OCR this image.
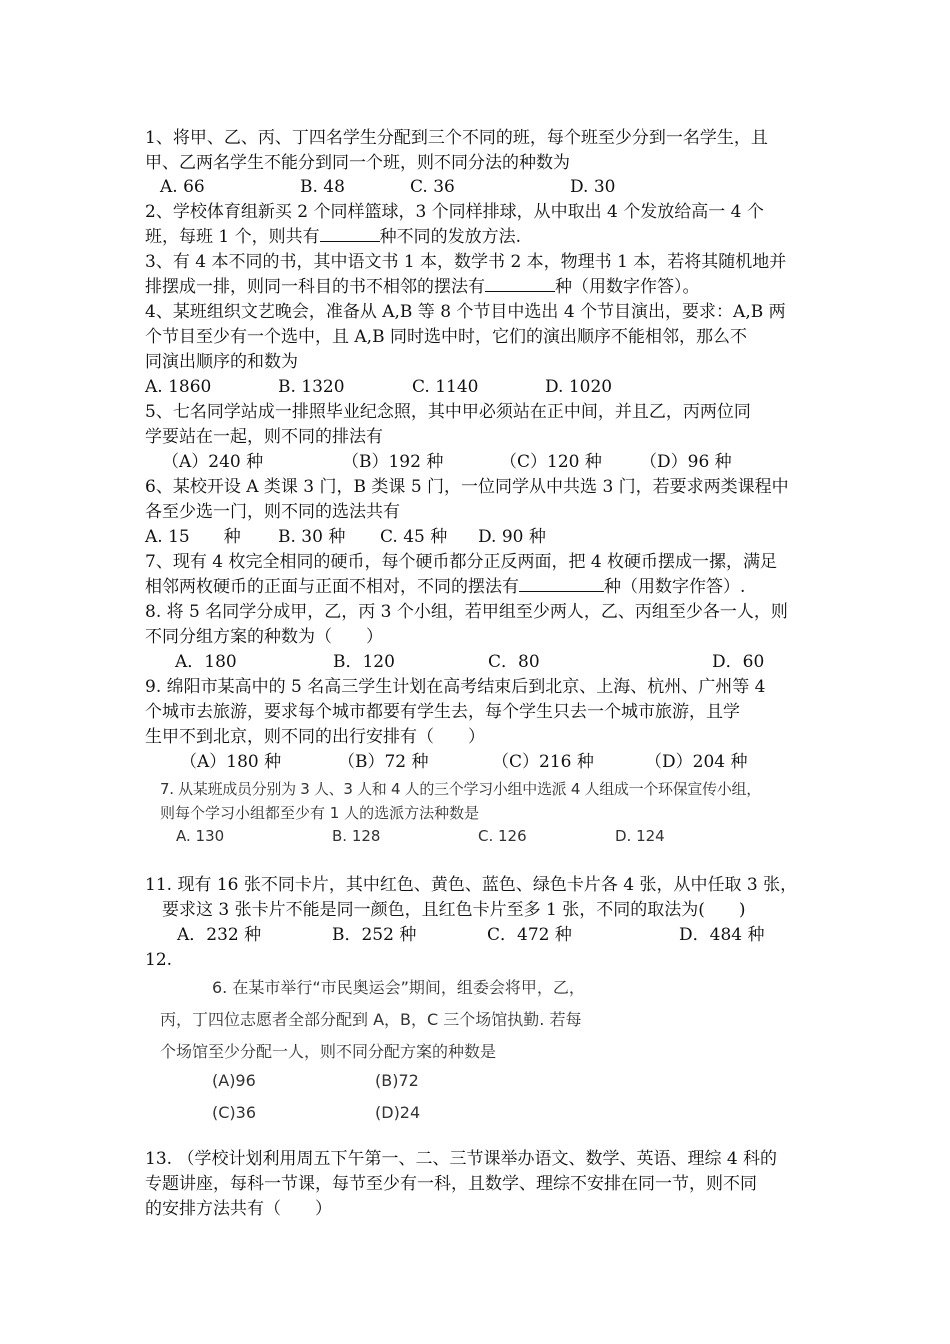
1、将甲、乙、丙、丁四名学生分配到三个不同的班，每个班至少分到一名学生，且
甲、乙两名学生不能分到同一个班，则不同分法的种数为
A. 66	B. 48	C. 36	D. 30
2、学校体育组新买 2 个同样篮球，3 个同样排球，从中取出 4 个发放给高一 4 个
班，每班 1 个，则共有	种不同的发放方法.
3、有 4 本不同的书，其中语文书 1 本，数学书 2 本，物理书 1 本，若将其随机地并
排摆成一排，则同一科目的书不相邻的摆法有	种（用数字作答）。
4、某班组织文艺晚会，准备从 A,B 等 8 个节目中选出 4 个节目演出，要求：A,B 两
个节目至少有一个选中，且 A,B 同时选中时，它们的演出顺序不能相邻，那么不
同演出顺序的和数为
A. 1860	B. 1320	C. 1140	D. 1020
5、七名同学站成一排照毕业纪念照，其中甲必须站在正中间，并且乙，丙两位同
学要站在一起，则不同的排法有
（A）240 种	（B）192 种	（C）120 种 （D）96 种
6、某校开设 A 类课 3 门，B 类课 5 门，一位同学从中共选 3 门，若要求两类课程中
各至少选一门，则不同的选法共有
A. 15　　种 B. 30 种 C. 45 种 D. 90 种
7、现有 4 枚完全相同的硬币，每个硬币都分正反两面，把 4 枚硬币摆成一摞，满足
相邻两枚硬币的正面与正面不相对，不同的摆法有	种（用数字作答）.
8. 将 5 名同学分成甲，乙，丙 3 个小组，若甲组至少两人，乙、丙组至少各一人，则
不同分组方案的种数为（　　）
A．180	B．120	C．80	D．60
9. 绵阳市某高中的 5 名高三学生计划在高考结束后到北京、上海、杭州、广州等 4
个城市去旅游，要求每个城市都要有学生去，每个学生只去一个城市旅游，且学
生甲不到北京，则不同的出行安排有（　　）
（A）180 种	（B）72 种	（C）216 种	（D）204 种
7. 从某班成员分别为 3 人、3 人和 4 人的三个学习小组中选派 4 人组成一个环保宣传小组，
则每个学习小组都至少有 1 人的选派方法种数是
A. 130	B. 128	C. 126	D. 124
11. 现有 16 张不同卡片，其中红色、黄色、蓝色、绿色卡片各 4 张，从中任取 3 张，
要求这 3 张卡片不能是同一颜色，且红色卡片至多 1 张，不同的取法为(　　)
A．232 种	B．252 种	C．472 种	D．484 种
12.
6. 在某市举行“市民奥运会”期间，组委会将甲，乙，
丙，丁四位志愿者全部分配到 A，B，C 三个场馆执勤. 若每
个场馆至少分配一人，则不同分配方案的种数是
(A)96	(B)72
(C)36	(D)24
13. （学校计划利用周五下午第一、二、三节课举办语文、数学、英语、理综 4 科的
专题讲座，每科一节课，每节至少有一科，且数学、理综不安排在同一节，则不同
的安排方法共有（　　）
